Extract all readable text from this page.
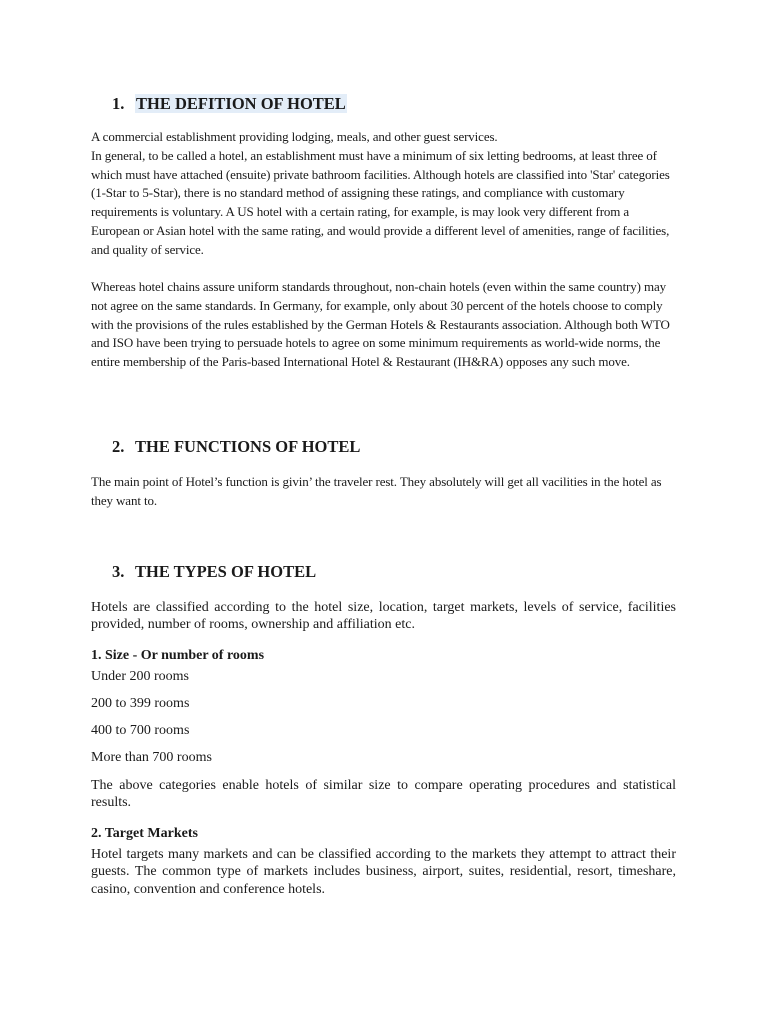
1. THE DEFITION OF HOTEL

A commercial establishment providing lodging, meals, and other guest services.

In general, to be called a hotel, an establishment must have a minimum of six letting bedrooms, at least three of which must have attached (ensuite) private bathroom facilities. Although hotels are classified into 'Star' categories (1-Star to 5-Star), there is no standard method of assigning these ratings, and compliance with customary requirements is voluntary. A US hotel with a certain rating, for example, is may look very different from a European or Asian hotel with the same rating, and would provide a different level of amenities, range of facilities, and quality of service.

Whereas hotel chains assure uniform standards throughout, non-chain hotels (even within the same country) may not agree on the same standards. In Germany, for example, only about 30 percent of the hotels choose to comply with the provisions of the rules established by the German Hotels & Restaurants association. Although both WTO and ISO have been trying to persuade hotels to agree on some minimum requirements as world-wide norms, the entire membership of the Paris-based International Hotel & Restaurant (IH&RA) opposes any such move.

2. THE FUNCTIONS OF HOTEL

The main point of Hotel’s function is givin’ the traveler rest. They absolutely will get all vacilities in the hotel as they want to.

3. THE TYPES OF HOTEL

Hotels are classified according to the hotel size, location, target markets, levels of service, facilities provided, number of rooms, ownership and affiliation etc.

1. Size - Or number of rooms
Under 200 rooms
200 to 399 rooms
400 to 700 rooms
More than 700 rooms

The above categories enable hotels of similar size to compare operating procedures and statistical results.

2. Target Markets

Hotel targets many markets and can be classified according to the markets they attempt to attract their guests. The common type of markets includes business, airport, suites, residential, resort, timeshare, casino, convention and conference hotels.
